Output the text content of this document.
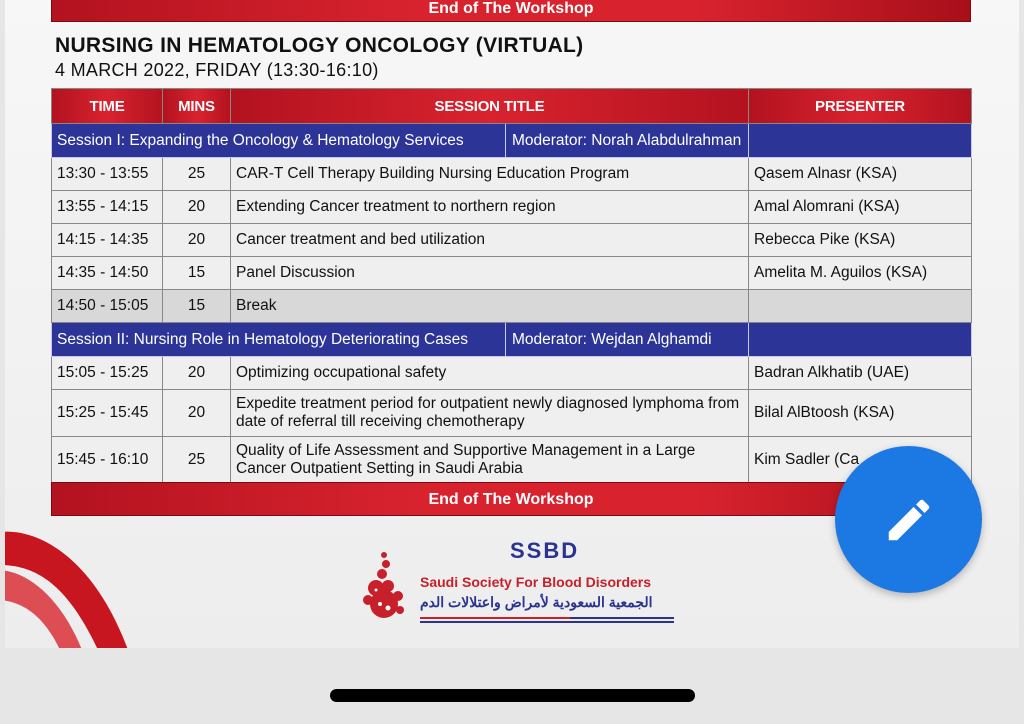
End of The Workshop
NURSING IN HEMATOLOGY ONCOLOGY (VIRTUAL)
4 MARCH 2022, FRIDAY (13:30-16:10)
TIME	MINS	SESSION TITLE	PRESENTER

Session I: Expanding the Oncology & Hematology Services Moderator: Norah Alabdulrahman			

13:30 - 13:55	25	CAR-T Cell Therapy Building Nursing Education Program	Qasem Alnasr (KSA)
13:55 - 14:15	20	Extending Cancer treatment to northern region	Amal Alomrani (KSA)
14:15 - 14:35	20	Cancer treatment and bed utilization	Rebecca Pike (KSA)
14:35 - 14:50	15	Panel Discussion	Amelita M. Aguilos (KSA)
14:50 - 15:05	15	Break	

Session II: Nursing Role in Hematology Deteriorating Cases Moderator: Wejdan Alghamdi			

15:05 - 15:25	20	Optimizing occupational safety	Badran Alkhatib (UAE)
15:25 - 15:45	20	Expedite treatment period for outpatient newly diagnosed lymphoma from date of referral till receiving chemotherapy	Bilal AlBtoosh (KSA)
15:45 - 16:10	25	Quality of Life Assessment and Supportive Management in a Large Cancer Outpatient Setting in Saudi Arabia	Kim Sadler (Ca
End of The Workshop
SSBD
Saudi Society For Blood Disorders
الجمعية السعودية لأمراض واعتلالات الدم
